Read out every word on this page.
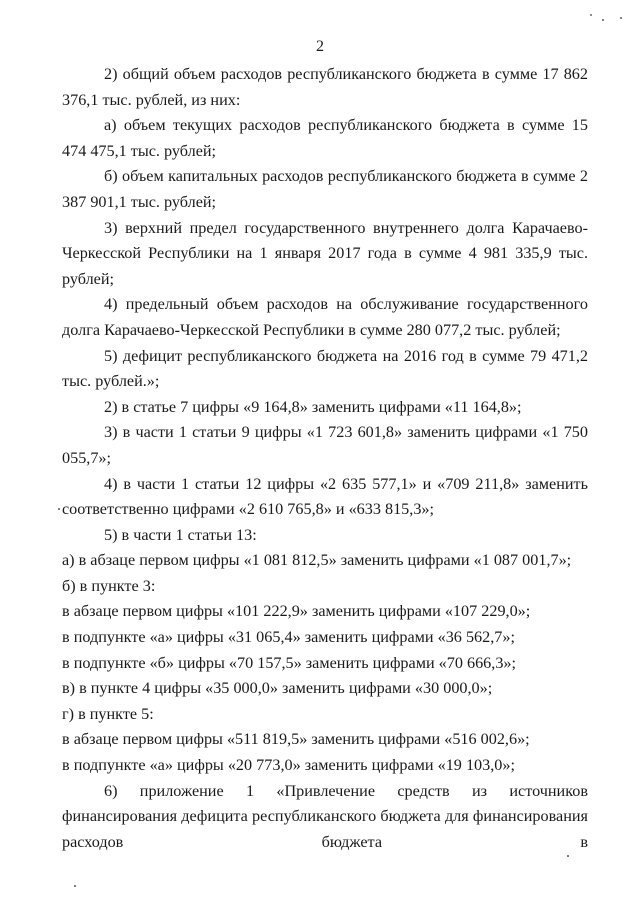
2

2) общий объем расходов республиканского бюджета в сумме 17 862 376,1 тыс. рублей, из них:

а) объем текущих расходов республиканского бюджета в сумме 15 474 475,1 тыс. рублей;

б) объем капитальных расходов республиканского бюджета в сумме 2 387 901,1 тыс. рублей;

3) верхний предел государственного внутреннего долга Карачаево-Черкесской Республики на 1 января 2017 года в сумме 4 981 335,9 тыс. рублей;

4) предельный объем расходов на обслуживание государственного долга Карачаево-Черкесской Республики в сумме 280 077,2 тыс. рублей;

5) дефицит республиканского бюджета на 2016 год в сумме 79 471,2 тыс. рублей.»;

2) в статье 7 цифры «9 164,8» заменить цифрами «11 164,8»;

3) в части 1 статьи 9 цифры «1 723 601,8» заменить цифрами «1 750 055,7»;

4) в части 1 статьи 12 цифры «2 635 577,1» и «709 211,8» заменить соответственно цифрами «2 610 765,8» и «633 815,3»;

5) в части 1 статьи 13:

а) в абзаце первом цифры «1 081 812,5» заменить цифрами «1 087 001,7»;

б) в пункте 3:

в абзаце первом цифры «101 222,9» заменить цифрами «107 229,0»;

в подпункте «а» цифры «31 065,4» заменить цифрами «36 562,7»;

в подпункте «б» цифры «70 157,5» заменить цифрами «70 666,3»;

в) в пункте 4 цифры «35 000,0» заменить цифрами «30 000,0»;

г) в пункте 5:

в абзаце первом цифры «511 819,5» заменить цифрами «516 002,6»;

в подпункте «а» цифры «20 773,0» заменить цифрами «19 103,0»;

6) приложение 1 «Привлечение средств из источников финансирования дефицита республиканского бюджета для финансирования расходов бюджета в
